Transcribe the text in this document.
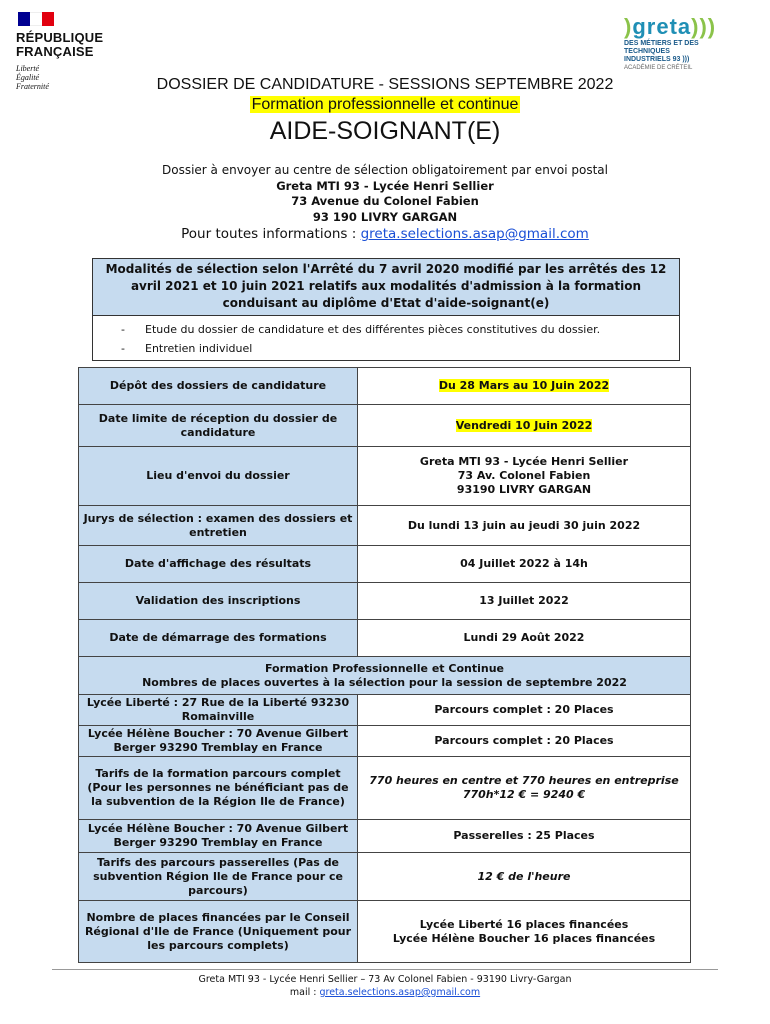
RÉPUBLIQUE
FRANÇAISE
Liberté
Égalité
Fraternité
)greta)))
DES MÉTIERS ET DES TECHNIQUES
INDUSTRIELS 93 )))
ACADÉMIE DE CRÉTEIL
DOSSIER DE CANDIDATURE - SESSIONS SEPTEMBRE 2022
Formation professionnelle et continue
AIDE-SOIGNANT(E)
Dossier à envoyer au centre de sélection obligatoirement par envoi postal
Greta MTI 93 - Lycée Henri Sellier
73 Avenue du Colonel Fabien
93 190 LIVRY GARGAN
Pour toutes informations : greta.selections.asap@gmail.com
Modalités de sélection selon l'Arrêté du 7 avril 2020 modifié par les arrêtés des 12 avril 2021 et 10 juin 2021 relatifs aux modalités d'admission à la formation conduisant au diplôme d'Etat d'aide-soignant(e)
- Etude du dossier de candidature et des différentes pièces constitutives du dossier.
- Entretien individuel
Dépôt des dossiers de candidature	Du 28 Mars au 10 Juin 2022
Date limite de réception du dossier de candidature	Vendredi 10 Juin 2022
Lieu d'envoi du dossier	Greta MTI 93 - Lycée Henri Sellier
73 Av. Colonel Fabien
93190 LIVRY GARGAN

Jurys de sélection : examen des dossiers et entretien	Du lundi 13 juin au jeudi 30 juin 2022
Date d'affichage des résultats	04 Juillet 2022 à 14h
Validation des inscriptions	13 Juillet 2022
Date de démarrage des formations	Lundi 29 Août 2022

Formation Professionnelle et Continue
Nombres de places ouvertes à la sélection pour la session de septembre 2022	

Lycée Liberté : 27 Rue de la Liberté 93230 Romainville	Parcours complet : 20 Places
Lycée Hélène Boucher : 70 Avenue Gilbert Berger 93290 Tremblay en France	Parcours complet : 20 Places
Tarifs de la formation parcours complet (Pour les personnes ne bénéficiant pas de la subvention de la Région Ile de France)	770 heures en centre et 770 heures en entreprise
770h*12 € = 9240 €

Lycée Hélène Boucher : 70 Avenue Gilbert Berger 93290 Tremblay en France	Passerelles : 25 Places
Tarifs des parcours passerelles (Pas de subvention Région Ile de France pour ce parcours)	12 € de l'heure
Nombre de places financées par le Conseil Régional d'Ile de France (Uniquement pour les parcours complets)	Lycée Liberté 16 places financées
Lycée Hélène Boucher 16 places financées
Greta MTI 93 - Lycée Henri Sellier – 73 Av Colonel Fabien - 93190 Livry-Gargan
mail : greta.selections.asap@gmail.com
